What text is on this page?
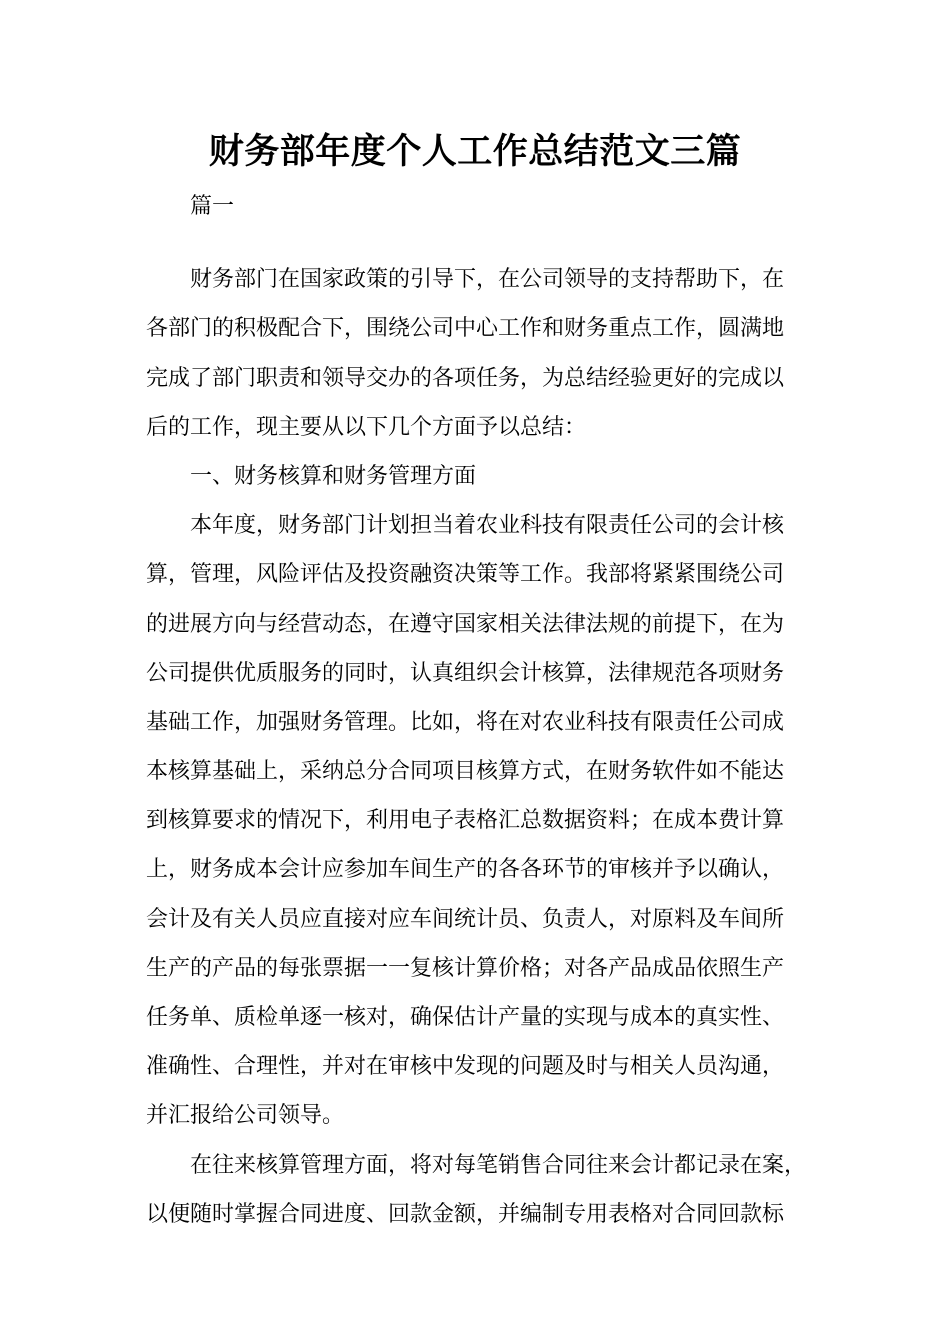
财务部年度个人工作总结范文三篇
篇一
财务部门在国家政策的引导下，在公司领导的支持帮助下，在
各部门的积极配合下，围绕公司中心工作和财务重点工作，圆满地
完成了部门职责和领导交办的各项任务，为总结经验更好的完成以
后的工作，现主要从以下几个方面予以总结：
一、财务核算和财务管理方面
本年度，财务部门计划担当着农业科技有限责任公司的会计核
算，管理，风险评估及投资融资决策等工作。我部将紧紧围绕公司
的进展方向与经营动态，在遵守国家相关法律法规的前提下，在为
公司提供优质服务的同时，认真组织会计核算，法律规范各项财务
基础工作，加强财务管理。比如，将在对农业科技有限责任公司成
本核算基础上，采纳总分合同项目核算方式，在财务软件如不能达
到核算要求的情况下，利用电子表格汇总数据资料；在成本费计算
上，财务成本会计应参加车间生产的各各环节的审核并予以确认，
会计及有关人员应直接对应车间统计员、负责人，对原料及车间所
生产的产品的每张票据一一复核计算价格；对各产品成品依照生产
任务单、质检单逐一核对，确保估计产量的实现与成本的真实性、
准确性、合理性，并对在审核中发现的问题及时与相关人员沟通，
并汇报给公司领导。
在往来核算管理方面，将对每笔销售合同往来会计都记录在案，
以便随时掌握合同进度、回款金额，并编制专用表格对合同回款标
